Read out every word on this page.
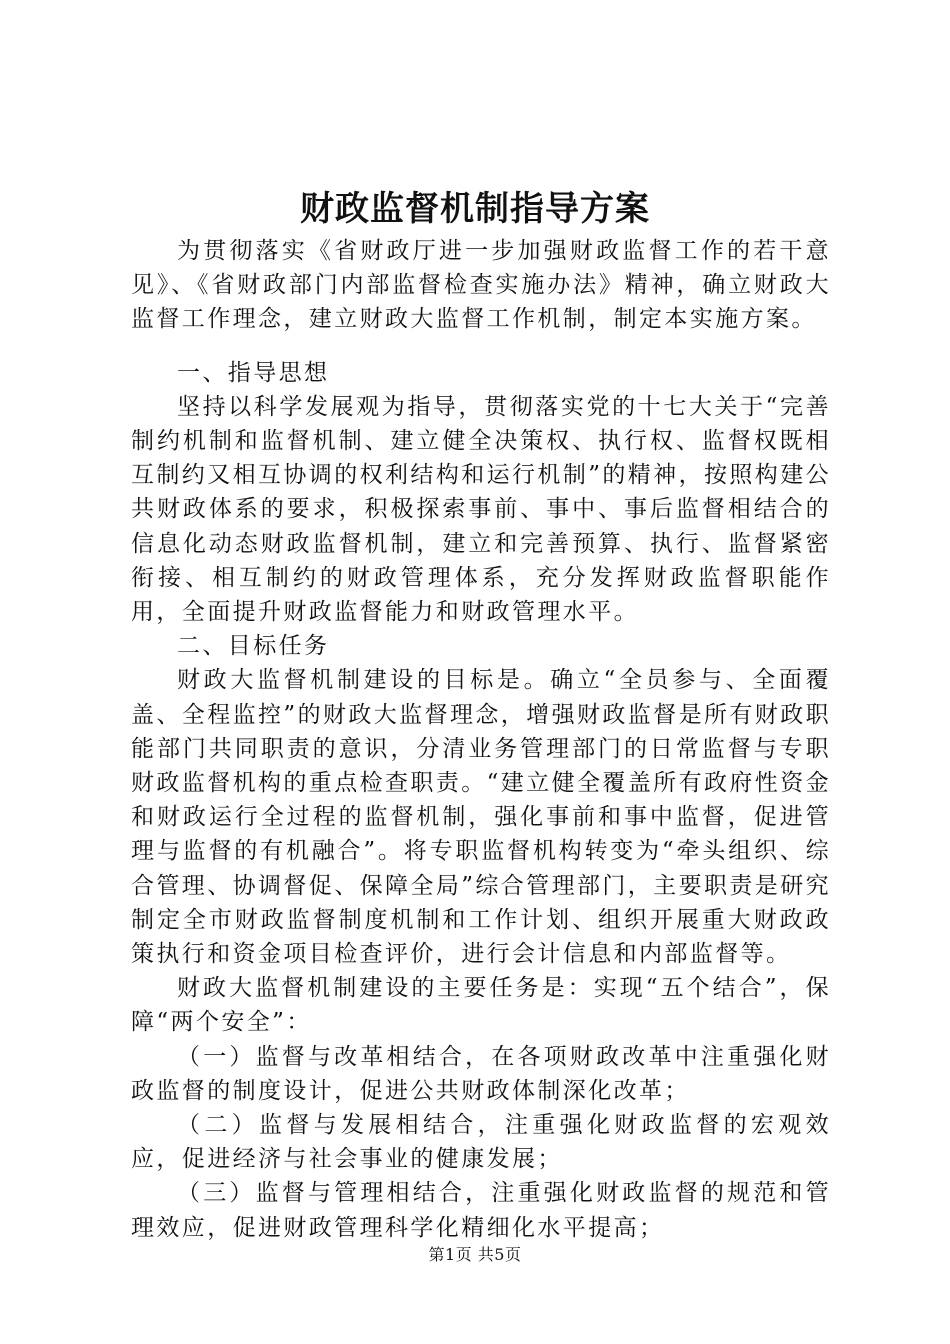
财政监督机制指导方案

为贯彻落实《省财政厅进一步加强财政监督工作的若干意见》、《省财政部门内部监督检查实施办法》精神，确立财政大监督工作理念，建立财政大监督工作机制，制定本实施方案。

一、指导思想

坚持以科学发展观为指导，贯彻落实党的十七大关于“完善制约机制和监督机制、建立健全决策权、执行权、监督权既相互制约又相互协调的权利结构和运行机制”的精神，按照构建公共财政体系的要求，积极探索事前、事中、事后监督相结合的信息化动态财政监督机制，建立和完善预算、执行、监督紧密衔接、相互制约的财政管理体系，充分发挥财政监督职能作用，全面提升财政监督能力和财政管理水平。

二、目标任务

财政大监督机制建设的目标是。确立“全员参与、全面覆盖、全程监控”的财政大监督理念，增强财政监督是所有财政职能部门共同职责的意识，分清业务管理部门的日常监督与专职财政监督机构的重点检查职责。“建立健全覆盖所有政府性资金和财政运行全过程的监督机制，强化事前和事中监督，促进管理与监督的有机融合”。将专职监督机构转变为“牵头组织、综合管理、协调督促、保障全局”综合管理部门，主要职责是研究制定全市财政监督制度机制和工作计划、组织开展重大财政政策执行和资金项目检查评价，进行会计信息和内部监督等。

财政大监督机制建设的主要任务是：实现“五个结合”，保障“两个安全”：

（一）监督与改革相结合，在各项财政改革中注重强化财政监督的制度设计，促进公共财政体制深化改革；

（二）监督与发展相结合，注重强化财政监督的宏观效应，促进经济与社会事业的健康发展；

（三）监督与管理相结合，注重强化财政监督的规范和管理效应，促进财政管理科学化精细化水平提高；

第1页 共5页
